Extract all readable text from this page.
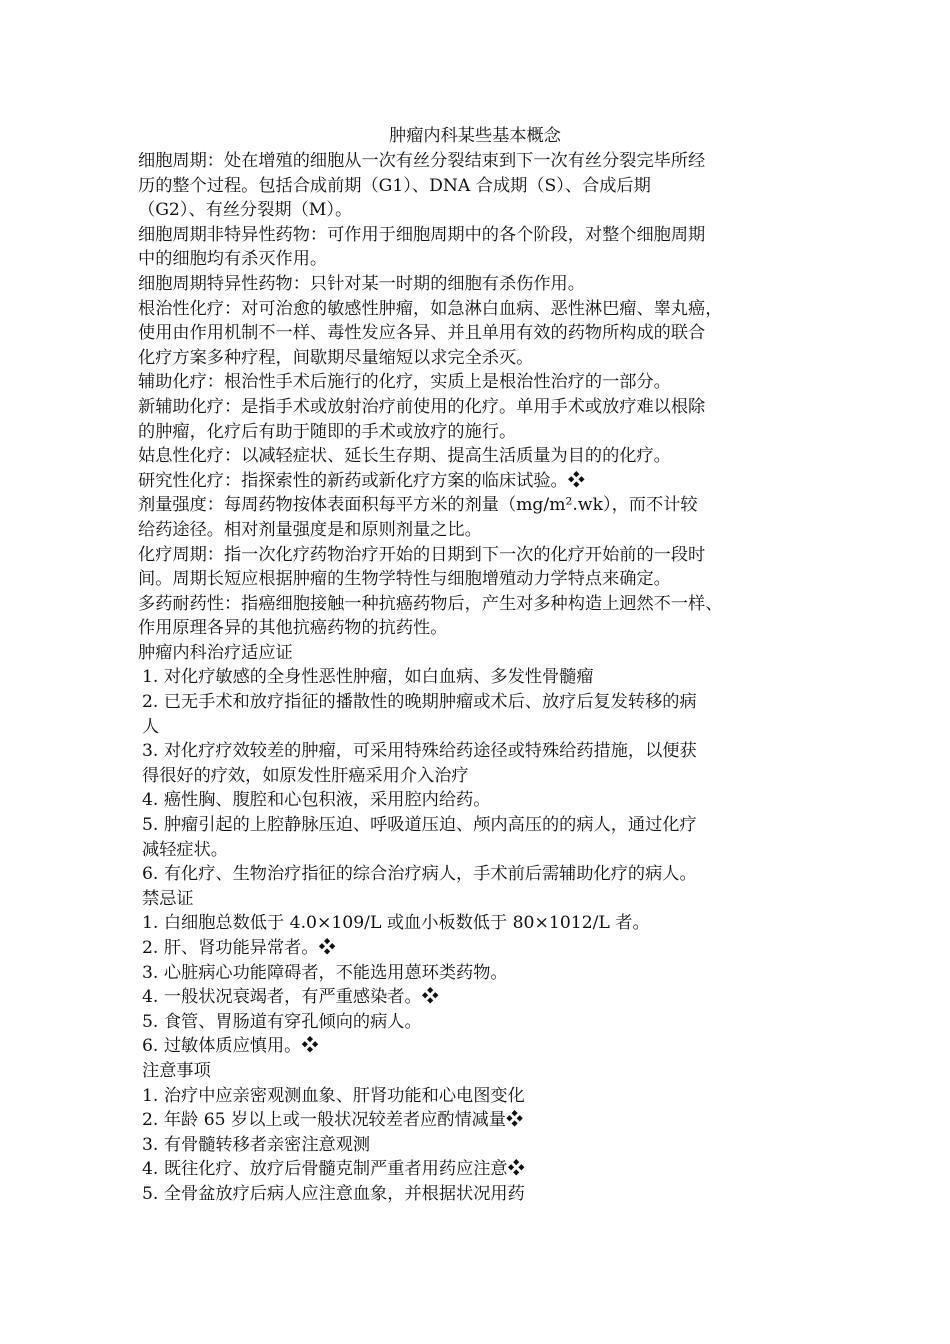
肿瘤内科某些基本概念
细胞周期：处在增殖的细胞从一次有丝分裂结束到下一次有丝分裂完毕所经
历的整个过程。包括合成前期（G1）、DNA 合成期（S）、合成后期
（G2）、有丝分裂期（M）。
细胞周期非特异性药物：可作用于细胞周期中的各个阶段，对整个细胞周期
中的细胞均有杀灭作用。
细胞周期特异性药物：只针对某一时期的细胞有杀伤作用。
根治性化疗：对可治愈的敏感性肿瘤，如急淋白血病、恶性淋巴瘤、睾丸癌，
使用由作用机制不一样、毒性发应各异、并且单用有效的药物所构成的联合
化疗方案多种疗程，间歇期尽量缩短以求完全杀灭。
辅助化疗：根治性手术后施行的化疗，实质上是根治性治疗的一部分。
新辅助化疗：是指手术或放射治疗前使用的化疗。单用手术或放疗难以根除
的肿瘤，化疗后有助于随即的手术或放疗的施行。
姑息性化疗：以减轻症状、延长生存期、提高生活质量为目的的化疗。
研究性化疗：指探索性的新药或新化疗方案的临床试验。❖
剂量强度：每周药物按体表面积每平方米的剂量（mg/m².wk），而不计较
给药途径。相对剂量强度是和原则剂量之比。
化疗周期：指一次化疗药物治疗开始的日期到下一次的化疗开始前的一段时
间。周期长短应根据肿瘤的生物学特性与细胞增殖动力学特点来确定。
多药耐药性：指癌细胞接触一种抗癌药物后，产生对多种构造上迥然不一样、
作用原理各异的其他抗癌药物的抗药性。
肿瘤内科治疗适应证
1. 对化疗敏感的全身性恶性肿瘤，如白血病、多发性骨髓瘤
2. 已无手术和放疗指征的播散性的晚期肿瘤或术后、放疗后复发转移的病
人
3. 对化疗疗效较差的肿瘤，可采用特殊给药途径或特殊给药措施，以便获
得很好的疗效，如原发性肝癌采用介入治疗
4. 癌性胸、腹腔和心包积液，采用腔内给药。
5. 肿瘤引起的上腔静脉压迫、呼吸道压迫、颅内高压的的病人，通过化疗
减轻症状。
6. 有化疗、生物治疗指征的综合治疗病人，手术前后需辅助化疗的病人。
禁忌证
1. 白细胞总数低于 4.0×109/L 或血小板数低于 80×1012/L 者。
2. 肝、肾功能异常者。❖
3. 心脏病心功能障碍者，不能选用蒽环类药物。
4. 一般状况衰竭者，有严重感染者。❖
5. 食管、胃肠道有穿孔倾向的病人。
6. 过敏体质应慎用。❖
注意事项
1. 治疗中应亲密观测血象、肝肾功能和心电图变化
2. 年龄 65 岁以上或一般状况较差者应酌情减量❖
3. 有骨髓转移者亲密注意观测
4. 既往化疗、放疗后骨髓克制严重者用药应注意❖
5. 全骨盆放疗后病人应注意血象，并根据状况用药
